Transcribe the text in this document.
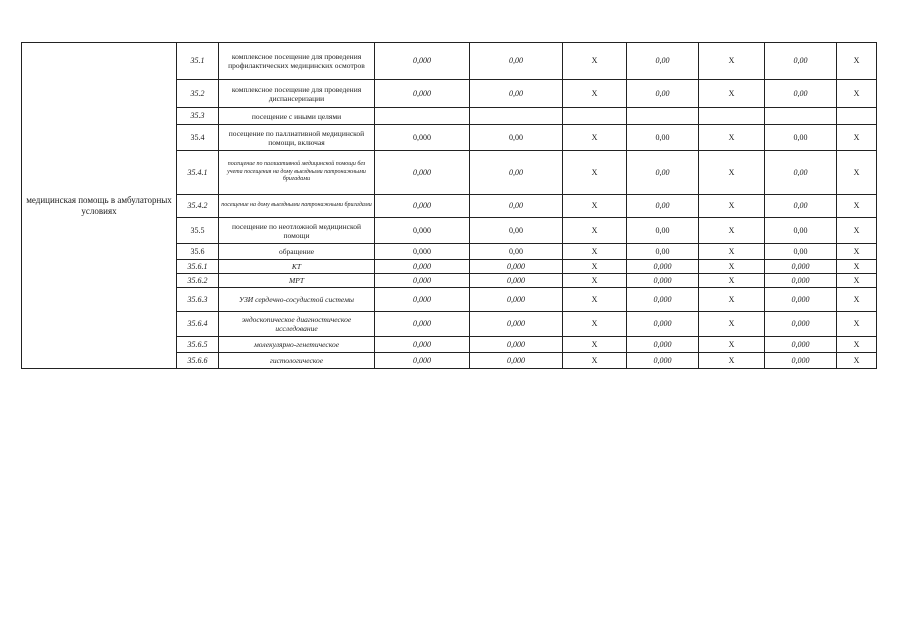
медицинская помощь в амбулаторных условиях	35.1	комплексное посещение для проведения профилактических медицинских осмотров	0,000	0,00	X	0,00	X	0,00	X
	35.2	комплексное посещение для проведения диспансеризации	0,000	0,00	X	0,00	X	0,00	X
	35.3	посещение с иными целями							
	35.4	посещение по паллиативной медицинской помощи, включая	0,000	0,00	X	0,00	X	0,00	X
	35.4.1	посещение по паллиативной медицинской помощи без учета посещения на дому выездными патронажными бригадами	0,000	0,00	X	0,00	X	0,00	X
	35.4.2	посещение на дому выездными патронажными бригадами	0,000	0,00	X	0,00	X	0,00	X
	35.5	посещение по неотложной медицинской помощи	0,000	0,00	X	0,00	X	0,00	X
	35.6	обращение	0,000	0,00	X	0,00	X	0,00	X
	35.6.1	КТ	0,000	0,000	X	0,000	X	0,000	X
	35.6.2	МРТ	0,000	0,000	X	0,000	X	0,000	X
	35.6.3	УЗИ сердечно-сосудистой системы	0,000	0,000	X	0,000	X	0,000	X
	35.6.4	эндоскопическое диагностическое исследование	0,000	0,000	X	0,000	X	0,000	X
	35.6.5	молекулярно-генетическое	0,000	0,000	X	0,000	X	0,000	X
	35.6.6	гистологическое	0,000	0,000	X	0,000	X	0,000	X
